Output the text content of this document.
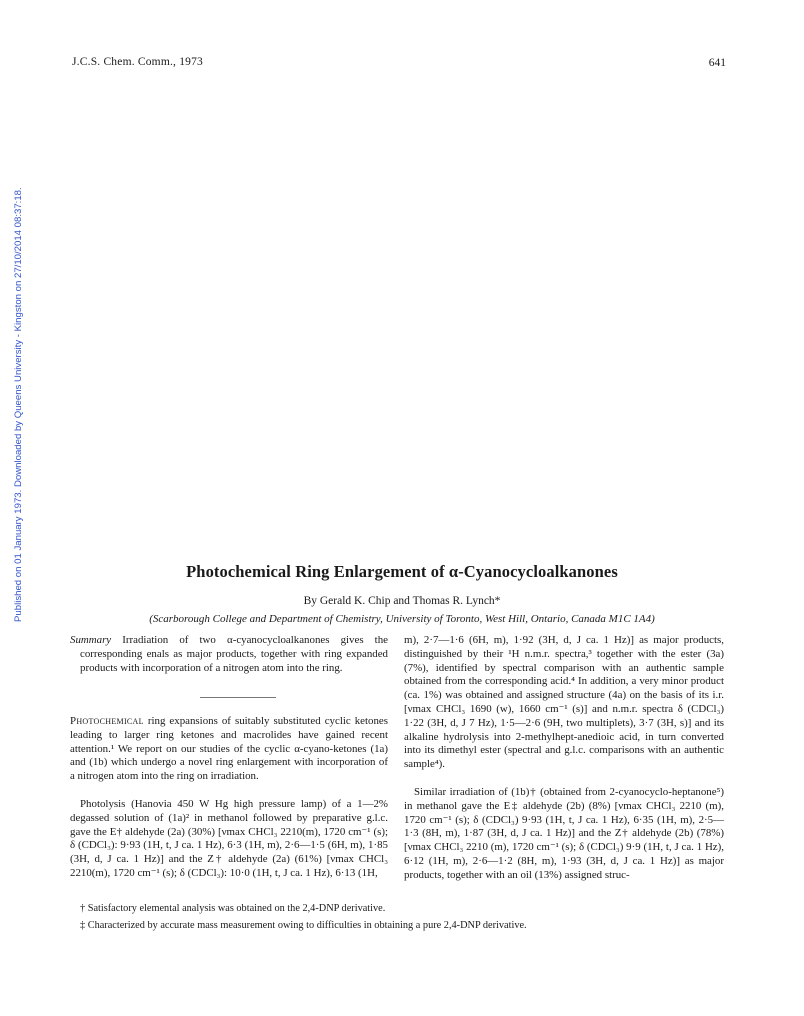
J.C.S. Chem. Comm., 1973	641
Published on 01 January 1973. Downloaded by Queens University - Kingston on 27/10/2014 08:37:18.	Photochemical Ring Enlargement of α-Cyanocycloalkanones
By Gerald K. Chip and Thomas R. Lynch*
(Scarborough College and Department of Chemistry, University of Toronto, West Hill, Ontario, Canada M1C 1A4)

Summary Irradiation of two α-cyanocycloalkanones gives the corresponding enals as major products, together with ring expanded products with incorporation of a nitrogen atom into the ring.

Photochemical ring expansions of suitably substituted cyclic ketones leading to larger ring ketones and macrolides have gained recent attention.¹ We report on our studies of the cyclic α-cyano-ketones (1a) and (1b) which undergo a novel ring enlargement with incorporation of a nitrogen atom into the ring on irradiation.

Photolysis (Hanovia 450 W Hg high pressure lamp) of a 1—2% degassed solution of (1a)² in methanol followed by preparative g.l.c. gave the E† aldehyde (2a) (30%) [νmax CHCl₃ 2210(m), 1720 cm⁻¹ (s); δ (CDCl₃): 9·93 (1H, t, J ca. 1 Hz), 6·3 (1H, m), 2·6—1·5 (6H, m), 1·85 (3H, d, J ca. 1 Hz)] and the Z† aldehyde (2a) (61%) [νmax CHCl₃ 2210(m), 1720 cm⁻¹ (s); δ (CDCl₃): 10·0 (1H, t, J ca. 1 Hz), 6·13 (1H,

m), 2·7—1·6 (6H, m), 1·92 (3H, d, J ca. 1 Hz)] as major products, distinguished by their ¹H n.m.r. spectra,³ together with the ester (3a) (7%), identified by spectral comparison with an authentic sample obtained from the corresponding acid.⁴ In addition, a very minor product (ca. 1%) was obtained and assigned structure (4a) on the basis of its i.r. [νmax CHCl₃ 1690 (w), 1660 cm⁻¹ (s)] and n.m.r. spectra δ (CDCl₃) 1·22 (3H, d, J 7 Hz), 1·5—2·6 (9H, two multiplets), 3·7 (3H, s)] and its alkaline hydrolysis into 2-methylhept-anedioic acid, in turn converted into its dimethyl ester (spectral and g.l.c. comparisons with an authentic sample⁴).

Similar irradiation of (1b)† (obtained from 2-cyanocyclo-heptanone⁵) in methanol gave the E‡ aldehyde (2b) (8%) [νmax CHCl₃ 2210 (m), 1720 cm⁻¹ (s); δ (CDCl₃) 9·93 (1H, t, J ca. 1 Hz), 6·35 (1H, m), 2·5—1·3 (8H, m), 1·87 (3H, d, J ca. 1 Hz)] and the Z† aldehyde (2b) (78%) [νmax CHCl₃ 2210 (m), 1720 cm⁻¹ (s); δ (CDCl₃) 9·9 (1H, t, J ca. 1 Hz), 6·12 (1H, m), 2·6—1·2 (8H, m), 1·93 (3H, d, J ca. 1 Hz)] as major products, together with an oil (13%) assigned struc-

† Satisfactory elemental analysis was obtained on the 2,4-DNP derivative.
‡ Characterized by accurate mass measurement owing to difficulties in obtaining a pure 2,4-DNP derivative.
